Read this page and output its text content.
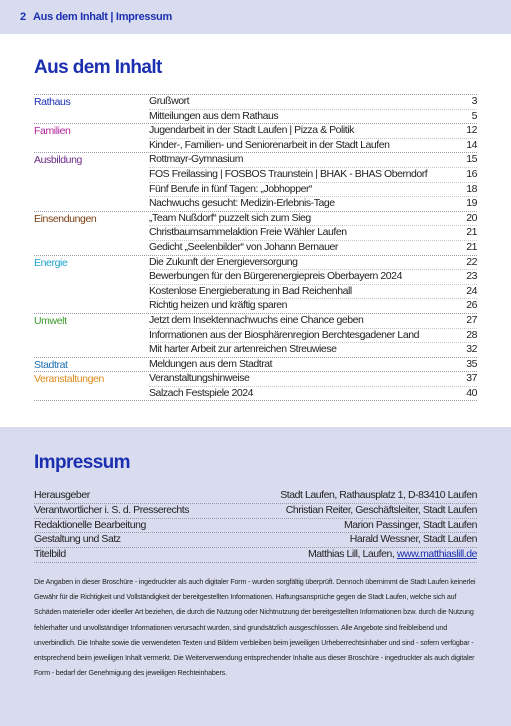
2 Aus dem Inhalt | Impressum
Aus dem Inhalt
Rathaus	Grußwort	3
Mitteilungen aus dem Rathaus	5
Familien	Jugendarbeit in der Stadt Laufen | Pizza & Politik	12
Kinder-, Familien- und Seniorenarbeit in der Stadt Laufen	14
Ausbildung	Rottmayr-Gymnasium	15
FOS Freilassing | FOSBOS Traunstein | BHAK - BHAS Oberndorf	16
Fünf Berufe in fünf Tagen: „Jobhopper“	18
Nachwuchs gesucht: Medizin-Erlebnis-Tage	19
Einsendungen	„Team Nußdorf“ puzzelt sich zum Sieg	20
Christbaumsammelaktion Freie Wähler Laufen	21
Gedicht „Seelenbilder“ von Johann Bernauer	21
Energie	Die Zukunft der Energieversorgung	22
Bewerbungen für den Bürgerenergiepreis Oberbayern 2024	23
Kostenlose Energieberatung in Bad Reichenhall	24
Richtig heizen und kräftig sparen	26
Umwelt	Jetzt dem Insektennachwuchs eine Chance geben	27
Informationen aus der Biosphärenregion Berchtesgadener Land	28
Mit harter Arbeit zur artenreichen Streuwiese	32
Stadtrat	Meldungen aus dem Stadtrat	35
Veranstaltungen	Veranstaltungshinweise	37
Salzach Festspiele 2024	40
Impressum
Herausgeber	Stadt Laufen, Rathausplatz 1, D-83410 Laufen
Verantwortlicher i. S. d. Presserechts	Christian Reiter, Geschäftsleiter, Stadt Laufen
Redaktionelle Bearbeitung	Marion Passinger, Stadt Laufen
Gestaltung und Satz	Harald Wessner, Stadt Laufen
Titelbild	Matthias Lill, Laufen, www.matthiaslill.de
Die Angaben in dieser Broschüre - ingedruckter als auch digitaler Form - wurden sorgfältig überprüft. Dennoch übernimmt die Stadt Laufen keinerlei Gewähr für die Richtigkeit und Vollständigkeit der bereitgestellten Informationen. Haftungsansprüche gegen die Stadt Laufen, welche sich auf Schäden materieller oder ideeller Art beziehen, die durch die Nutzung oder Nichtnutzung der bereitgestellten Informationen bzw. durch die Nutzung fehlerhafter und unvollständiger Informationen verursacht wurden, sind grundsätzlich ausgeschlossen. Alle Angebote sind freibleibend und unverbindlich. Die Inhalte sowie die verwendeten Texten und Bildern verbleiben beim jeweiligen Urheberrechtsinhaber und sind - sofern verfügbar - entsprechend beim jeweiligen Inhalt vermerkt. Die Weiterverwendung entsprechender Inhalte aus dieser Broschüre - ingedruckter als auch digitaler Form - bedarf der Genehmigung des jeweiligen Rechteinhabers.
